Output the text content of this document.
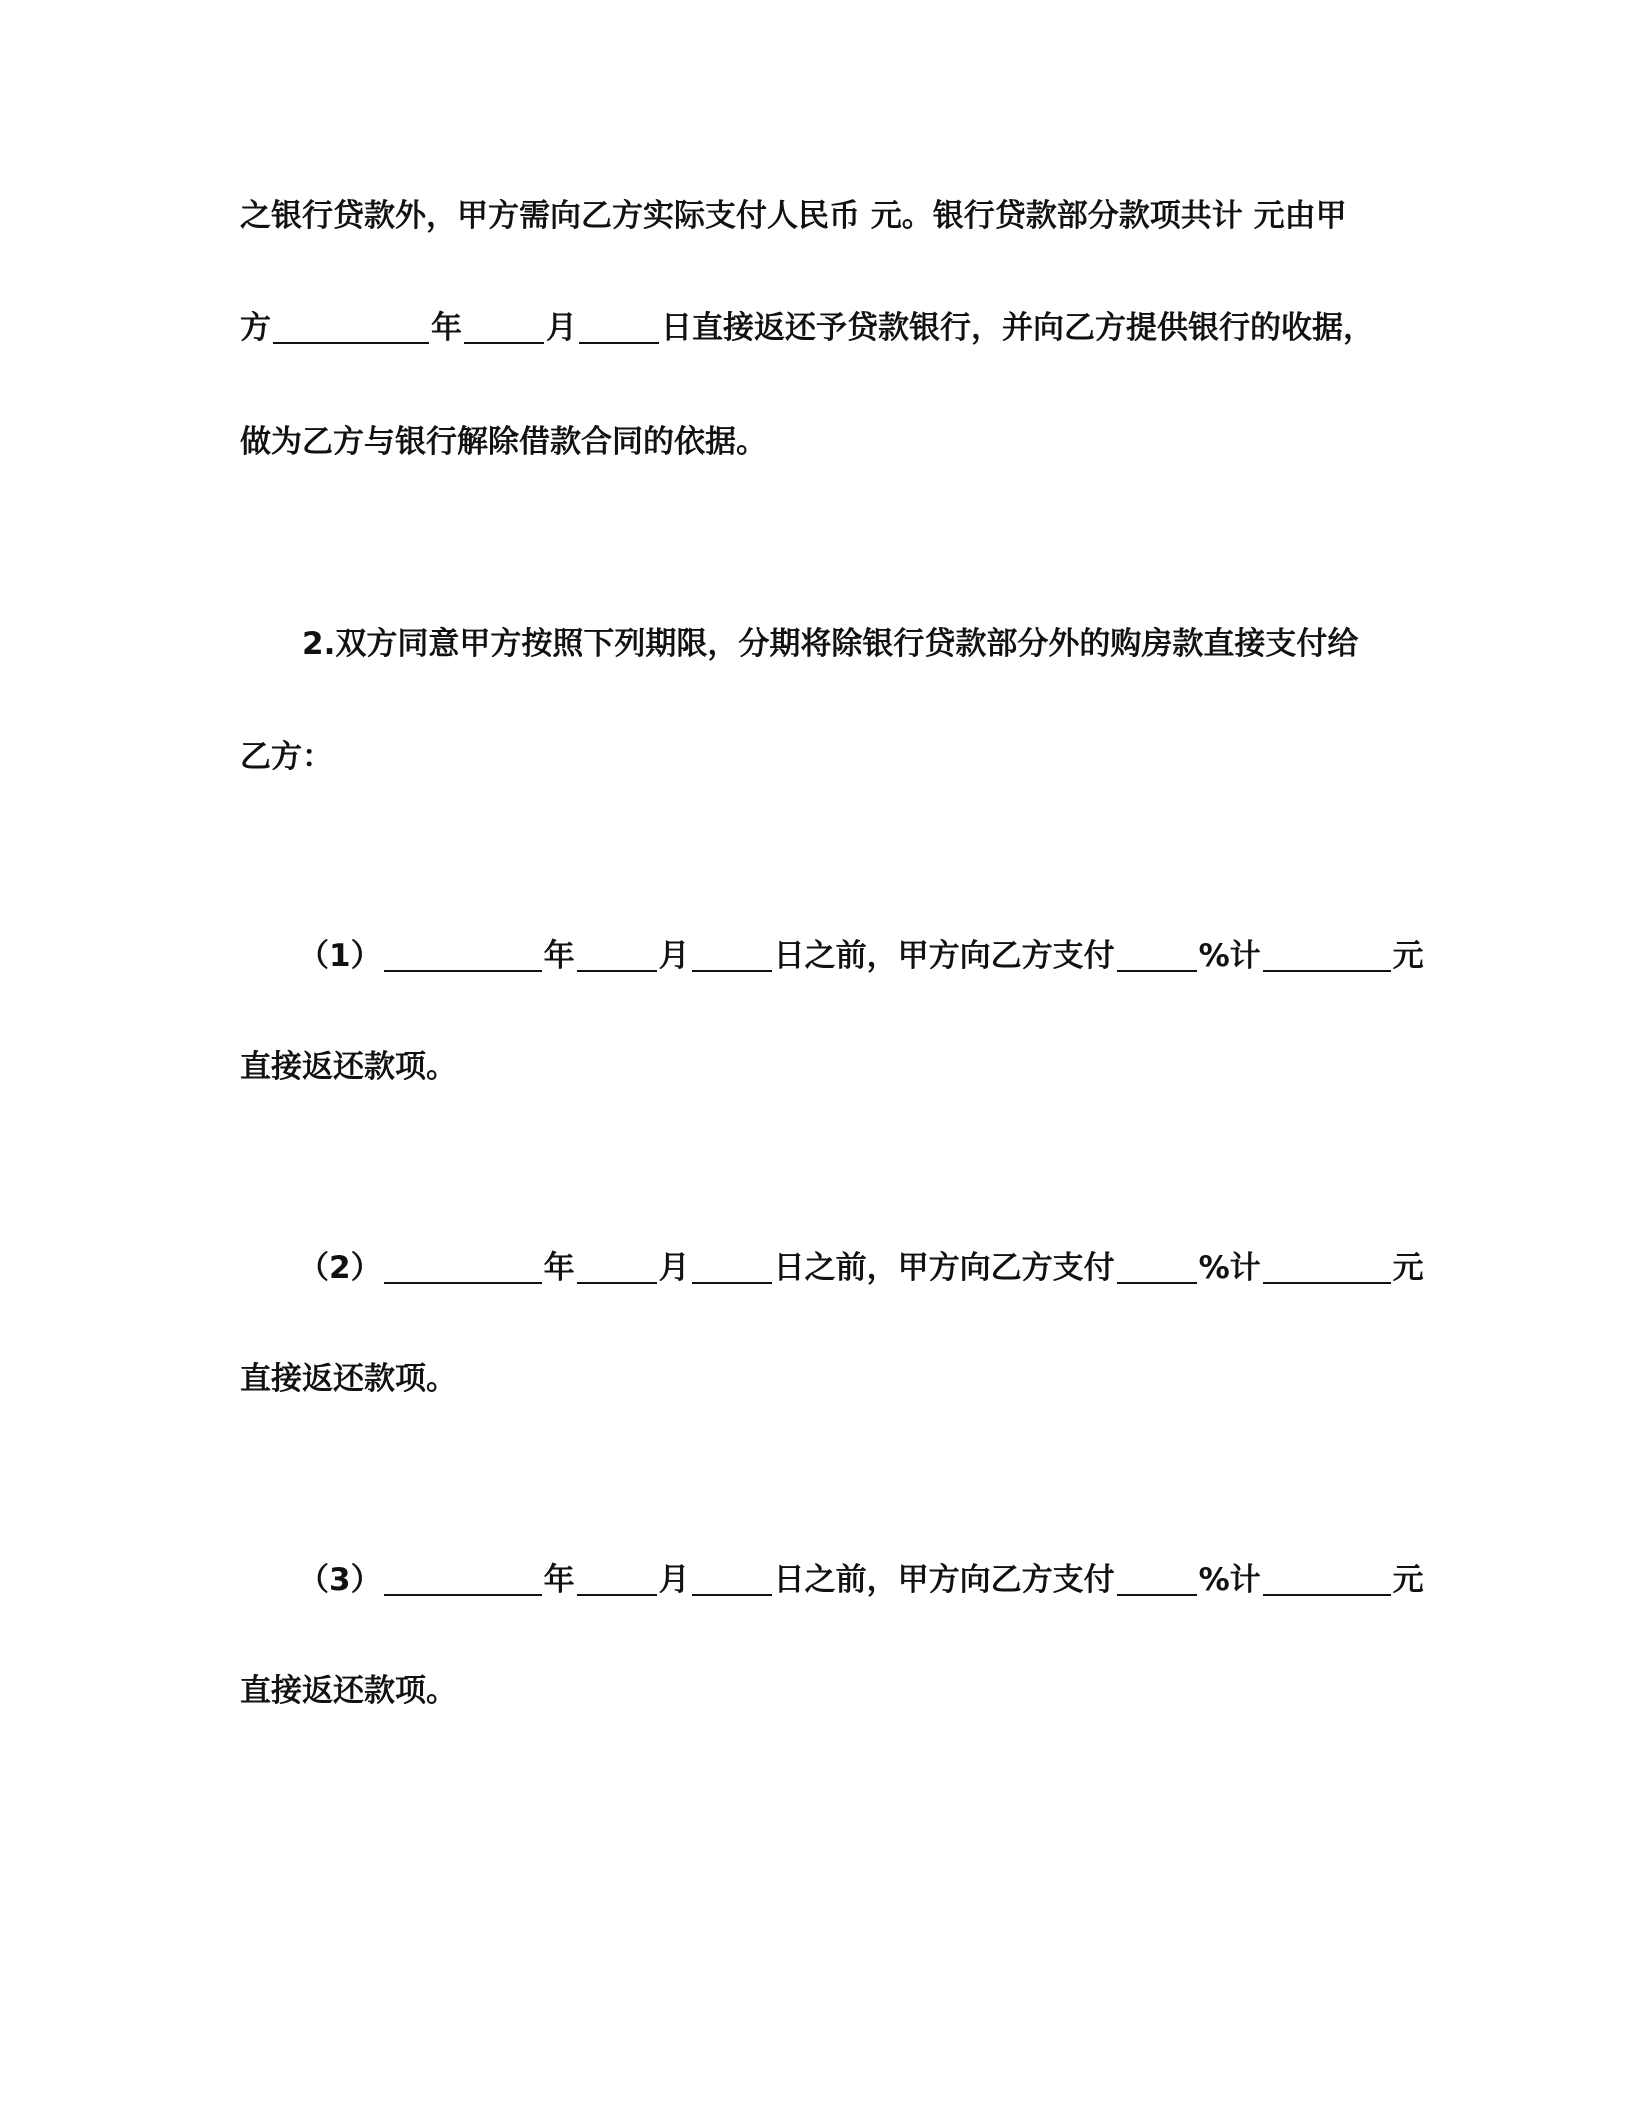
之银行贷款外，甲方需向乙方实际支付人民币 元。银行贷款部分款项共计 元由甲
方	年	月	日直接返还予贷款银行，并向乙方提供银行的收据，
做为乙方与银行解除借款合同的依据。
2.双方同意甲方按照下列期限，分期将除银行贷款部分外的购房款直接支付给
乙方：
（1）	年	月	日之前，甲方向乙方支付	%计	元
直接返还款项。
（2）	年	月	日之前，甲方向乙方支付	%计	元
直接返还款项。
（3）	年	月	日之前，甲方向乙方支付	%计	元
直接返还款项。
